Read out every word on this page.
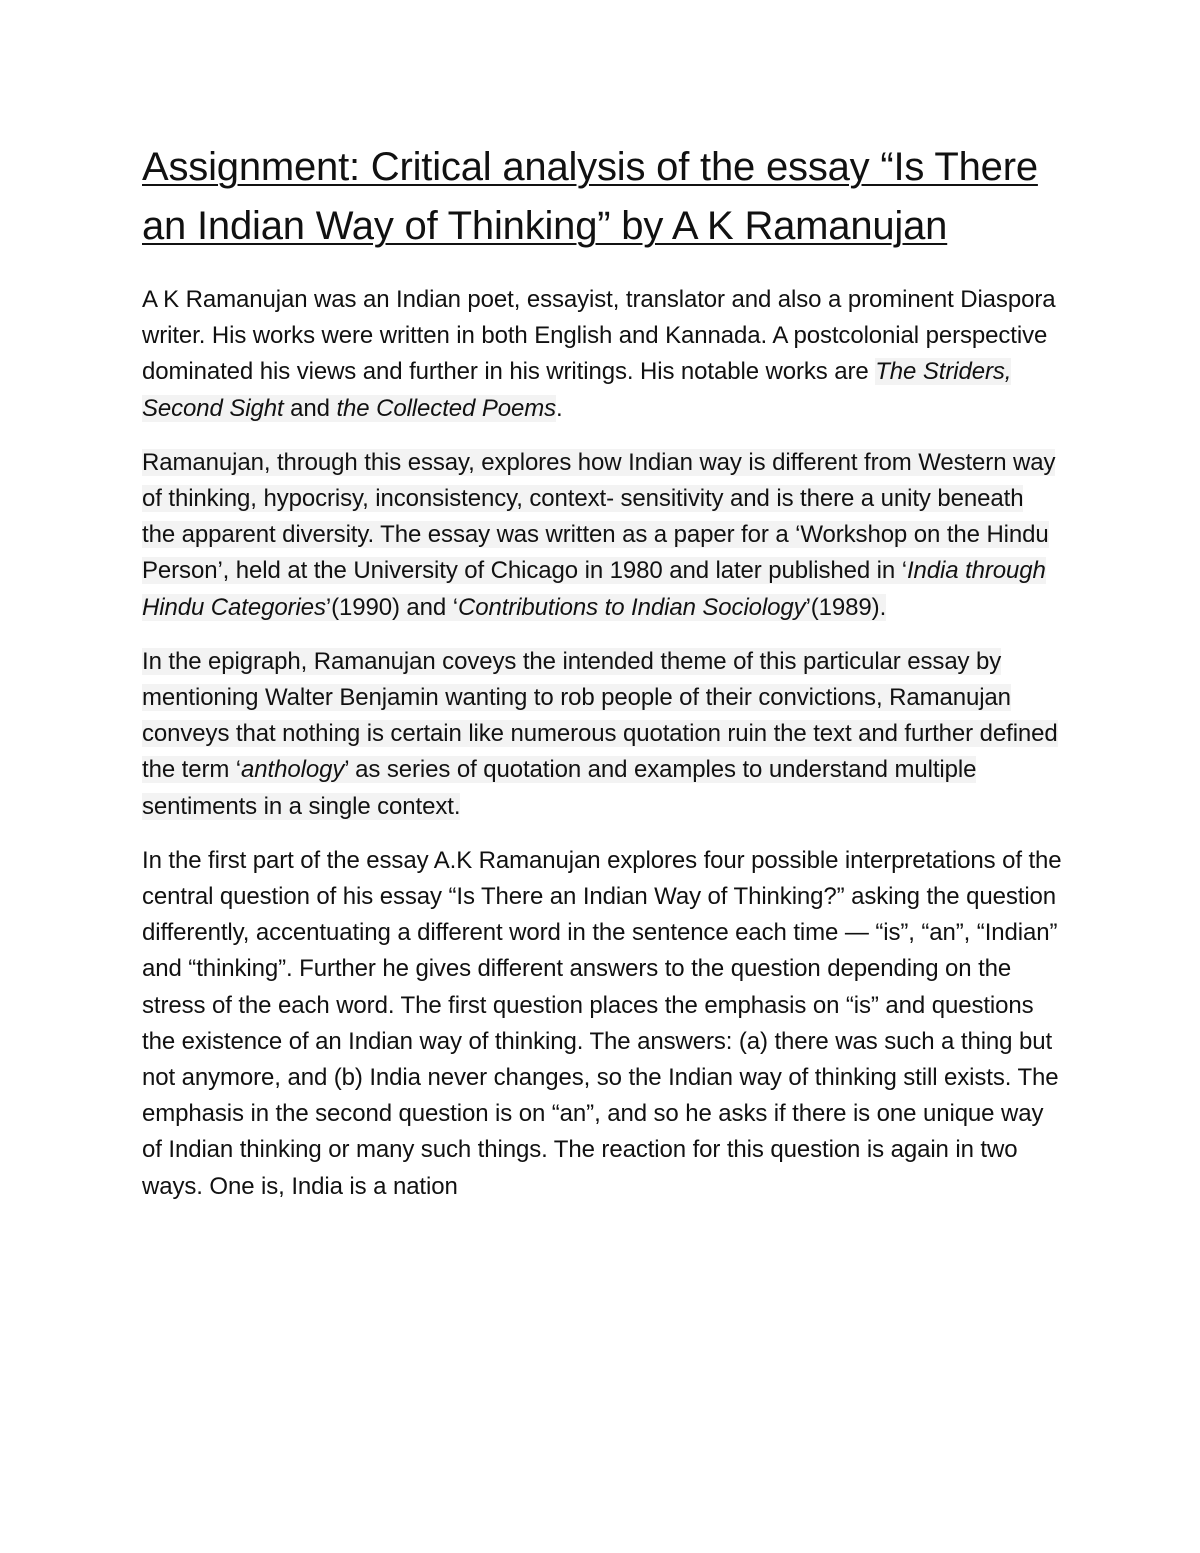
Assignment: Critical analysis of the essay “Is There an Indian Way of Thinking” by A K Ramanujan

A K Ramanujan was an Indian poet, essayist, translator and also a prominent Diaspora writer. His works were written in both English and Kannada. A postcolonial perspective dominated his views and further in his writings. His notable works are The Striders, Second Sight and the Collected Poems.

Ramanujan, through this essay, explores how Indian way is different from Western way of thinking, hypocrisy, inconsistency, context- sensitivity and is there a unity beneath the apparent diversity. The essay was written as a paper for a ‘Workshop on the Hindu Person’, held at the University of Chicago in 1980 and later published in ‘India through Hindu Categories’(1990) and ‘Contributions to Indian Sociology’(1989).

In the epigraph, Ramanujan coveys the intended theme of this particular essay by mentioning Walter Benjamin wanting to rob people of their convictions, Ramanujan conveys that nothing is certain like numerous quotation ruin the text and further defined the term ‘anthology’ as series of quotation and examples to understand multiple sentiments in a single context.

In the first part of the essay A.K Ramanujan explores four possible interpretations of the central question of his essay “Is There an Indian Way of Thinking?” asking the question differently, accentuating a different word in the sentence each time — “is”, “an”, “Indian” and “thinking”. Further he gives different answers to the question depending on the stress of the each word. The first question places the emphasis on “is” and questions the existence of an Indian way of thinking. The answers: (a) there was such a thing but not anymore, and (b) India never changes, so the Indian way of thinking still exists. The emphasis in the second question is on “an”, and so he asks if there is one unique way of Indian thinking or many such things. The reaction for this question is again in two ways. One is, India is a nation
